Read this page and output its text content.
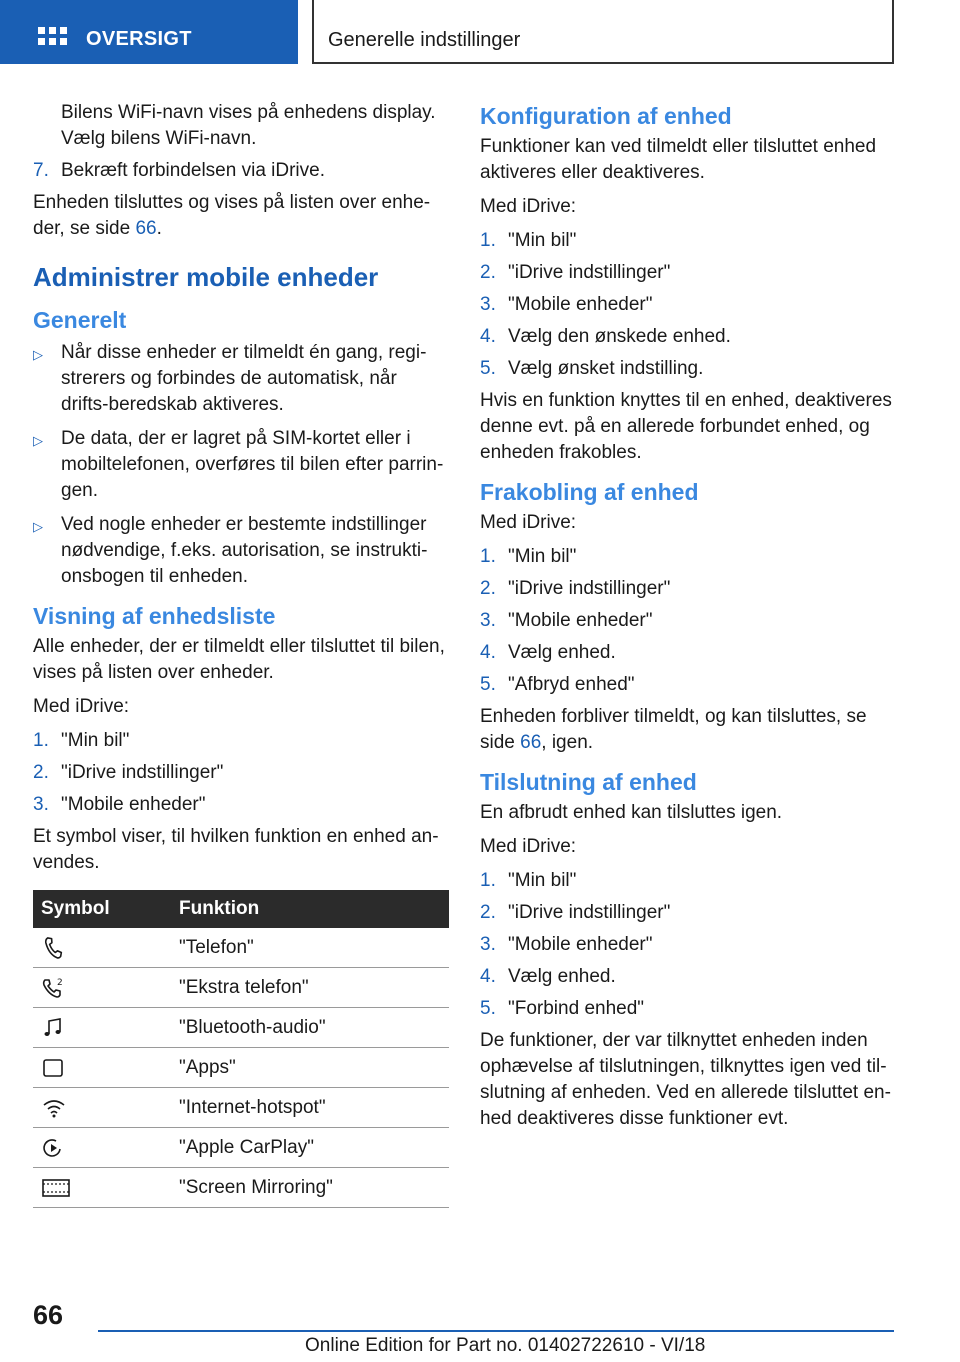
OVERSIGT	Generelle indstillinger
Bilens WiFi-navn vises på enhedens display.
Vælg bilens WiFi-navn.
7. Bekræft forbindelsen via iDrive.

Enheden tilsluttes og vises på listen over enhe-der, se side 66.

Administrer mobile enheder
Generelt
▷ Når disse enheder er tilmeldt én gang, regi-strerers og forbindes de automatisk, når drifts-beredskab aktiveres.
▷ De data, der er lagret på SIM-kortet eller i mobiltelefonen, overføres til bilen efter parrin-gen.
▷ Ved nogle enheder er bestemte indstillinger nødvendige, f.eks. autorisation, se instrukti-onsbogen til enheden.
Visning af enhedsliste

Alle enheder, der er tilmeldt eller tilsluttet til bilen, vises på listen over enheder.

Med iDrive:

1. "Min bil"
2. "iDrive indstillinger"
3. "Mobile enheder"

Et symbol viser, til hvilken funktion en enhed an-vendes.

Symbol	Funktion

	"Telefon"

2	"Ekstra telefon"

	"Bluetooth-audio"

	"Apps"

	"Internet-hotspot"

	"Apple CarPlay"

	"Screen Mirroring"
Konfiguration af enhed

Funktioner kan ved tilmeldt eller tilsluttet enhed aktiveres eller deaktiveres.

Med iDrive:

1. "Min bil"
2. "iDrive indstillinger"
3. "Mobile enheder"
4. Vælg den ønskede enhed.
5. Vælg ønsket indstilling.

Hvis en funktion knyttes til en enhed, deaktiveres denne evt. på en allerede forbundet enhed, og enheden frakobles.

Frakobling af enhed

Med iDrive:

1. "Min bil"
2. "iDrive indstillinger"
3. "Mobile enheder"
4. Vælg enhed.
5. "Afbryd enhed"

Enheden forbliver tilmeldt, og kan tilsluttes, se side 66, igen.

Tilslutning af enhed

En afbrudt enhed kan tilsluttes igen.

Med iDrive:

1. "Min bil"
2. "iDrive indstillinger"
3. "Mobile enheder"
4. Vælg enhed.
5. "Forbind enhed"

De funktioner, der var tilknyttet enheden inden ophævelse af tilslutningen, tilknyttes igen ved til-slutning af enheden. Ved en allerede tilsluttet en-hed deaktiveres disse funktioner evt.

66
Online Edition for Part no. 01402722610 - VI/18
